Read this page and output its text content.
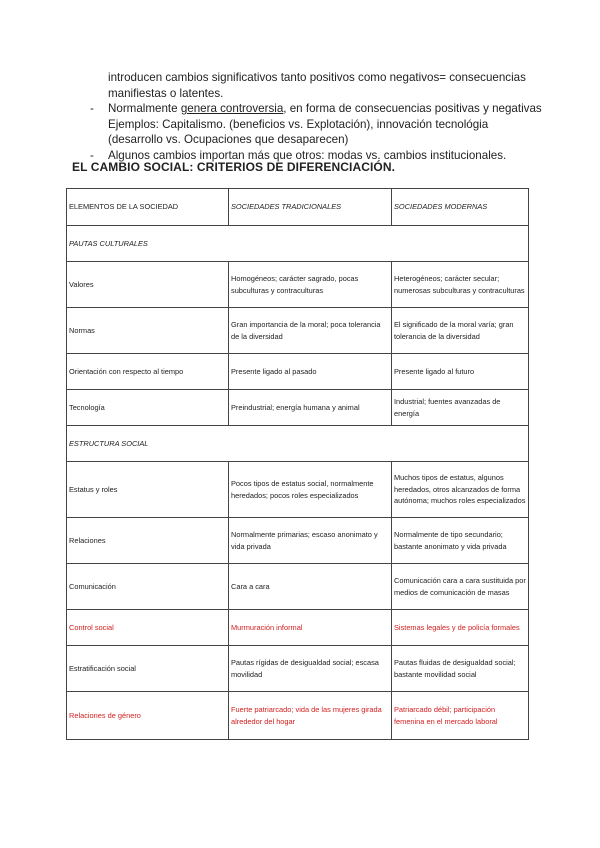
introducen cambios significativos tanto positivos como negativos= consecuencias
manifiestas o latentes.
- Normalmente genera controversia, en forma de consecuencias positivas y negativas
Ejemplos: Capitalismo. (beneficios vs. Explotación), innovación tecnológia
(desarrollo vs. Ocupaciones que desaparecen)
- Algunos cambios importan más que otros: modas vs. cambios institucionales.
EL CAMBIO SOCIAL: CRITERIOS DE DIFERENCIACIÓN.
ELEMENTOS DE LA SOCIEDAD	SOCIEDADES TRADICIONALES	SOCIEDADES MODERNAS
PAUTAS CULTURALES		
Valores	Homogéneos; carácter sagrado, pocas subculturas y contraculturas	Heterogéneos; carácter secular; numerosas subculturas y contraculturas
Normas	Gran importancia de la moral; poca tolerancia de la diversidad	El significado de la moral varía; gran tolerancia de la diversidad
Orientación con respecto al tiempo	Presente ligado al pasado	Presente ligado al futuro
Tecnología	Preindustrial; energía humana y animal	Industrial; fuentes avanzadas de energía
ESTRUCTURA SOCIAL		
Estatus y roles	Pocos tipos de estatus social, normalmente heredados; pocos roles especializados	Muchos tipos de estatus, algunos heredados, otros alcanzados de forma autónoma; muchos roles especializados
Relaciones	Normalmente primarias; escaso anonimato y vida privada	Normalmente de tipo secundario; bastante anonimato y vida privada
Comunicación	Cara a cara	Comunicación cara a cara sustituida por medios de comunicación de masas
Control social	Murmuración informal	Sistemas legales y de policía formales
Estratificación social	Pautas rígidas de desigualdad social; escasa movilidad	Pautas fluidas de desigualdad social; bastante movilidad social
Relaciones de género	Fuerte patriarcado; vida de las mujeres girada alrededor del hogar	Patriarcado débil; participación femenina en el mercado laboral
